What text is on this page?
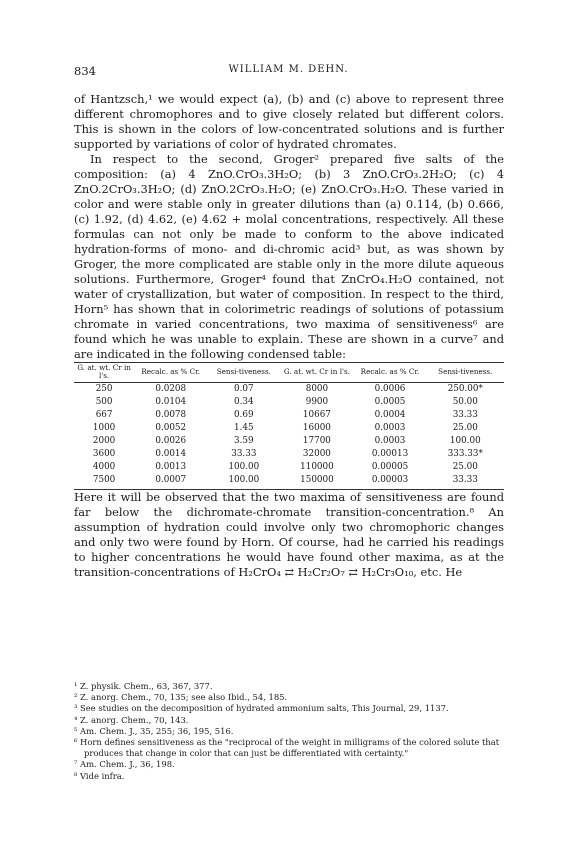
834	WILLIAM M. DEHN.

of Hantzsch,¹ we would expect (a), (b) and (c) above to represent three different chromophores and to give closely related but different colors. This is shown in the colors of low-concentrated solutions and is further supported by variations of color of hydrated chromates.

In respect to the second, Groger² prepared five salts of the composition: (a) 4 ZnO.CrO₃.3H₂O; (b) 3 ZnO.CrO₃.2H₂O; (c) 4 ZnO.2CrO₃.3H₂O; (d) ZnO.2CrO₃.H₂O; (e) ZnO.CrO₃.H₂O. These varied in color and were stable only in greater dilutions than (a) 0.114, (b) 0.666, (c) 1.92, (d) 4.62, (e) 4.62 + molal concentrations, respectively. All these formulas can not only be made to conform to the above indicated hydration-forms of mono- and di-chromic acid³ but, as was shown by Groger, the more complicated are stable only in the more dilute aqueous solutions. Furthermore, Groger⁴ found that ZnCrO₄.H₂O contained, not water of crystallization, but water of composition. In respect to the third, Horn⁵ has shown that in colorimetric readings of solutions of potassium chromate in varied concentrations, two maxima of sensitiveness⁶ are found which he was unable to explain. These are shown in a curve⁷ and are indicated in the following condensed table:

G. at. wt. Cr in l's.	Recalc. as % Cr.	Sensi-tiveness.	G. at. wt. Cr in l's.	Recalc. as % Cr.	Sensi-tiveness.
250	0.0208	0.07	8000	0.0006	250.00*
500	0.0104	0.34	9900	0.0005	50.00
667	0.0078	0.69	10667	0.0004	33.33
1000	0.0052	1.45	16000	0.0003	25.00
2000	0.0026	3.59	17700	0.0003	100.00
3600	0.0014	33.33	32000	0.00013	333.33*
4000	0.0013	100.00	110000	0.00005	25.00
7500	0.0007	100.00	150000	0.00003	33.33

Here it will be observed that the two maxima of sensitiveness are found far below the dichromate-chromate transition-concentration.⁸ An assumption of hydration could involve only two chromophoric changes and only two were found by Horn. Of course, had he carried his readings to higher concentrations he would have found other maxima, as at the transition-concentrations of H₂CrO₄ ⇄ H₂Cr₂O₇ ⇄ H₂Cr₃O₁₀, etc. He

¹ Z. physik. Chem., 63, 367, 377.

² Z. anorg. Chem., 70, 135; see also Ibid., 54, 185.

³ See studies on the decomposition of hydrated ammonium salts, This Journal, 29, 1137.

⁴ Z. anorg. Chem., 70, 143.

⁵ Am. Chem. J., 35, 255; 36, 195, 516.

⁶ Horn defines sensitiveness as the "reciprocal of the weight in milligrams of the colored solute that produces that change in color that can just be differentiated with certainty."

⁷ Am. Chem. J., 36, 198.

⁸ Vide infra.
